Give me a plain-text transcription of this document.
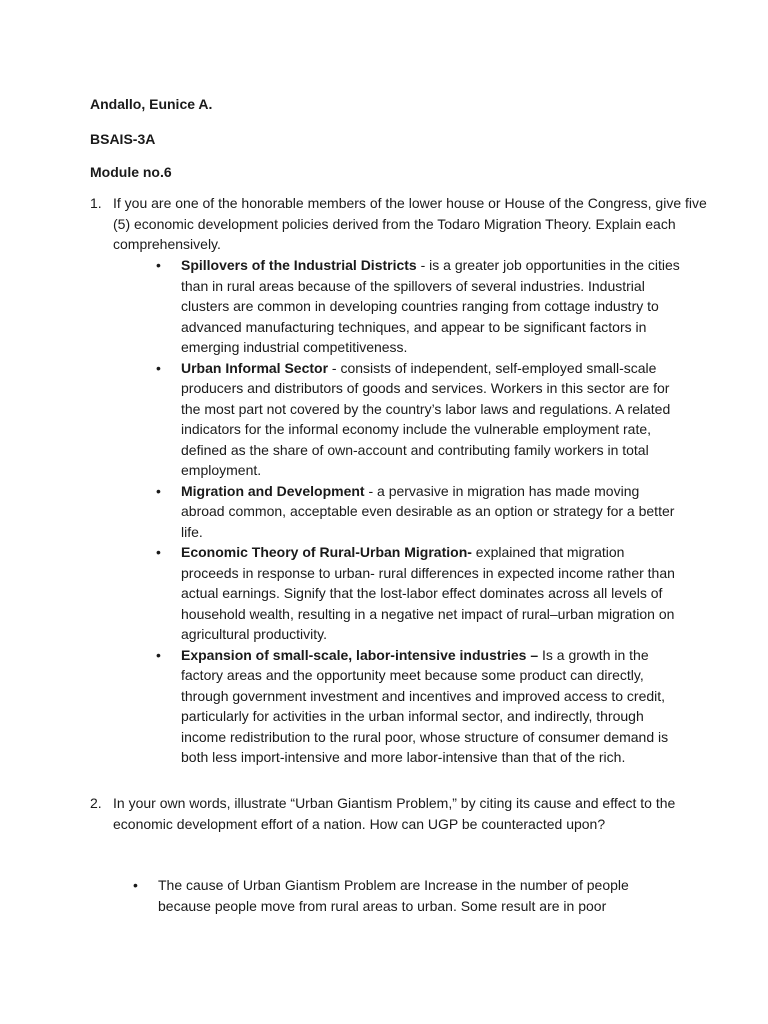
Andallo, Eunice A.

BSAIS-3A

Module no.6

1. If you are one of the honorable members of the lower house or House of the Congress, give five (5) economic development policies derived from the Todaro Migration Theory. Explain each comprehensively.
• Spillovers of the Industrial Districts - is a greater job opportunities in the cities than in rural areas because of the spillovers of several industries. Industrial clusters are common in developing countries ranging from cottage industry to advanced manufacturing techniques, and appear to be significant factors in emerging industrial competitiveness.
• Urban Informal Sector - consists of independent, self-employed small-scale producers and distributors of goods and services. Workers in this sector are for the most part not covered by the country’s labor laws and regulations. A related indicators for the informal economy include the vulnerable employment rate, defined as the share of own-account and contributing family workers in total employment.
• Migration and Development - a pervasive in migration has made moving abroad common, acceptable even desirable as an option or strategy for a better life.
• Economic Theory of Rural-Urban Migration- explained that migration proceeds in response to urban- rural differences in expected income rather than actual earnings. Signify that the lost-labor effect dominates across all levels of household wealth, resulting in a negative net impact of rural–urban migration on agricultural productivity.
• Expansion of small-scale, labor-intensive industries – Is a growth in the factory areas and the opportunity meet because some product can directly, through government investment and incentives and improved access to credit, particularly for activities in the urban informal sector, and indirectly, through income redistribution to the rural poor, whose structure of consumer demand is both less import-intensive and more labor-intensive than that of the rich.
2. In your own words, illustrate “Urban Giantism Problem,” by citing its cause and effect to the economic development effort of a nation. How can UGP be counteracted upon?
• The cause of Urban Giantism Problem are Increase in the number of people because people move from rural areas to urban. Some result are in poor
